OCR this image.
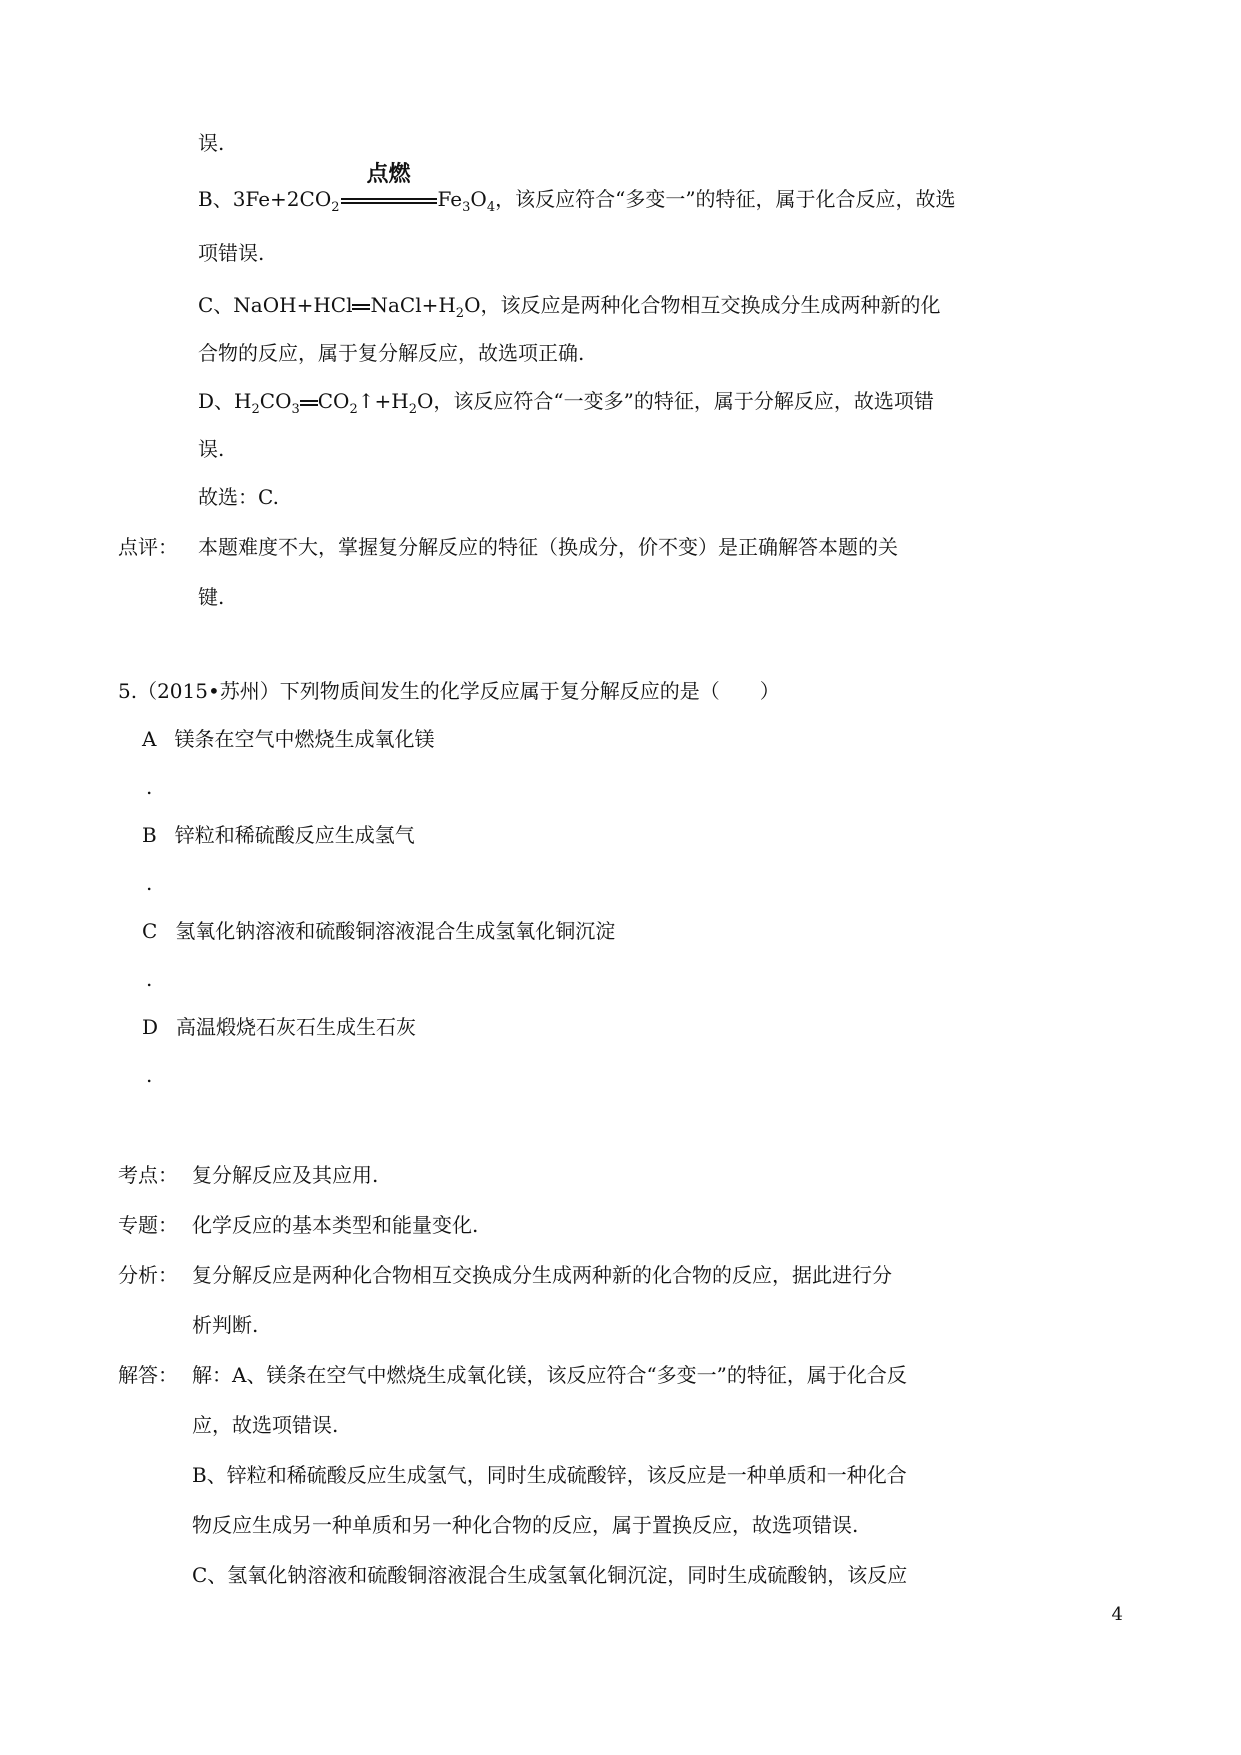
误.
B、$3Fe+2CO_2$
点燃
$Fe_3O_4$，该反应符合“多变一”的特征，属于化合反应，故选
项错误.
C、NaOH+HCl $NaCl+H_2O$，该反应是两种化合物相互交换成分生成两种新的化
合物的反应，属于复分解反应，故选项正确.
D、$H_2CO_3$ $CO_2↑+H_2O$，该反应符合“一变多”的特征，属于分解反应，故选项错
误.
故选：C.
点评： 本题难度不大，掌握复分解反应的特征（换成分，价不变）是正确解答本题的关
键.
5.（2015•苏州）下列物质间发生的化学反应属于复分解反应的是（　　）
A 镁条在空气中燃烧生成氧化镁
.
B 锌粒和稀硫酸反应生成氢气
.
C 氢氧化钠溶液和硫酸铜溶液混合生成氢氧化铜沉淀
.
D 高温煅烧石灰石生成生石灰
.
考点： 复分解反应及其应用.
专题： 化学反应的基本类型和能量变化.
分析： 复分解反应是两种化合物相互交换成分生成两种新的化合物的反应，据此进行分
析判断.
解答： 解：A、镁条在空气中燃烧生成氧化镁，该反应符合“多变一”的特征，属于化合反
应，故选项错误.
B、锌粒和稀硫酸反应生成氢气，同时生成硫酸锌，该反应是一种单质和一种化合
物反应生成另一种单质和另一种化合物的反应，属于置换反应，故选项错误.
C、氢氧化钠溶液和硫酸铜溶液混合生成氢氧化铜沉淀，同时生成硫酸钠，该反应
4
